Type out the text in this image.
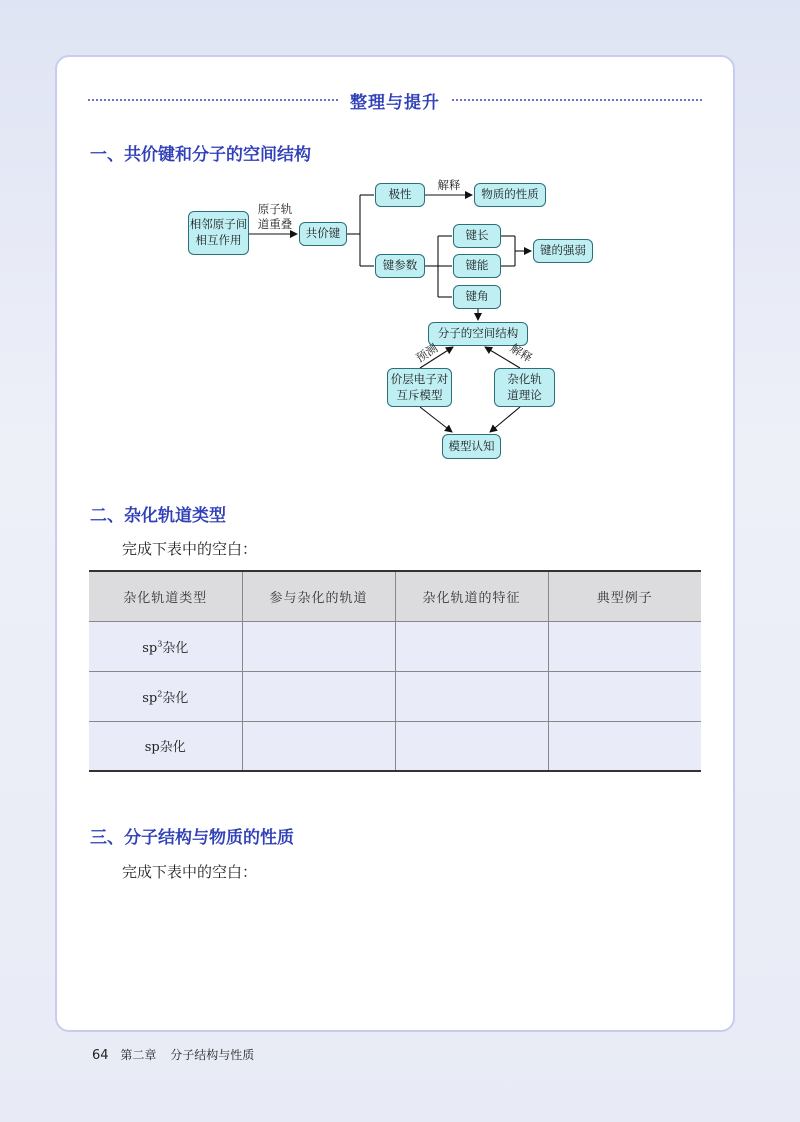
整理与提升
一、共价键和分子的空间结构
相邻原子间
相互作用
原子轨
道重叠
共价键
极性
解释
物质的性质
键参数
键长
键能
键角
键的强弱
分子的空间结构
预测	解释
价层电子对
互斥模型
杂化轨
道理论
模型认知
二、杂化轨道类型
完成下表中的空白：
杂化轨道类型	参与杂化的轨道	杂化轨道的特征	典型例子
$sp^3$杂化			
$sp^2$杂化			
sp杂化			
三、分子结构与物质的性质
完成下表中的空白：
64 第二章 分子结构与性质
